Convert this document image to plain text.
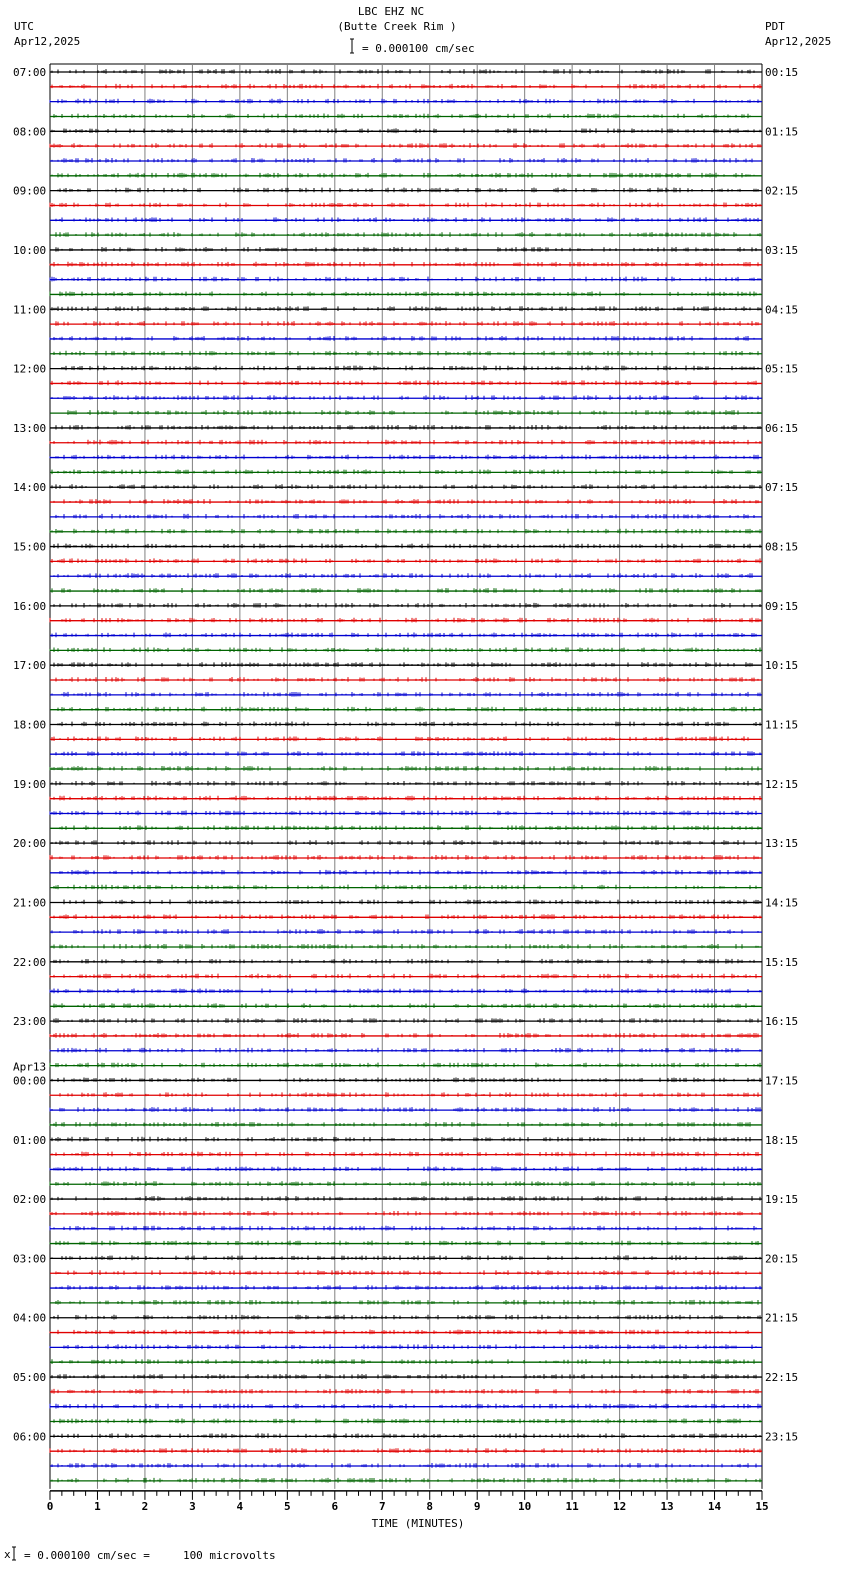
LBC EHZ NC
(Butte Creek Rim )
= 0.000100 cm/sec
UTC
Apr12,2025
PDT
Apr12,2025
07:00
08:00
09:00
10:00
11:00
12:00
13:00
14:00
15:00
16:00
17:00
18:00
19:00
20:00
21:00
22:00
23:00
00:00
Apr13
01:00
02:00
03:00
04:00
05:00
06:00
00:15
01:15
02:15
03:15
04:15
05:15
06:15
07:15
08:15
09:15
10:15
11:15
12:15
13:15
14:15
15:15
16:15
17:15
18:15
19:15
20:15
21:15
22:15
23:15
0	1	2	3	4	5	6	7	8	9	10	11	12	13	14	15
TIME (MINUTES)
x = 0.000100 cm/sec =     100 microvolts
